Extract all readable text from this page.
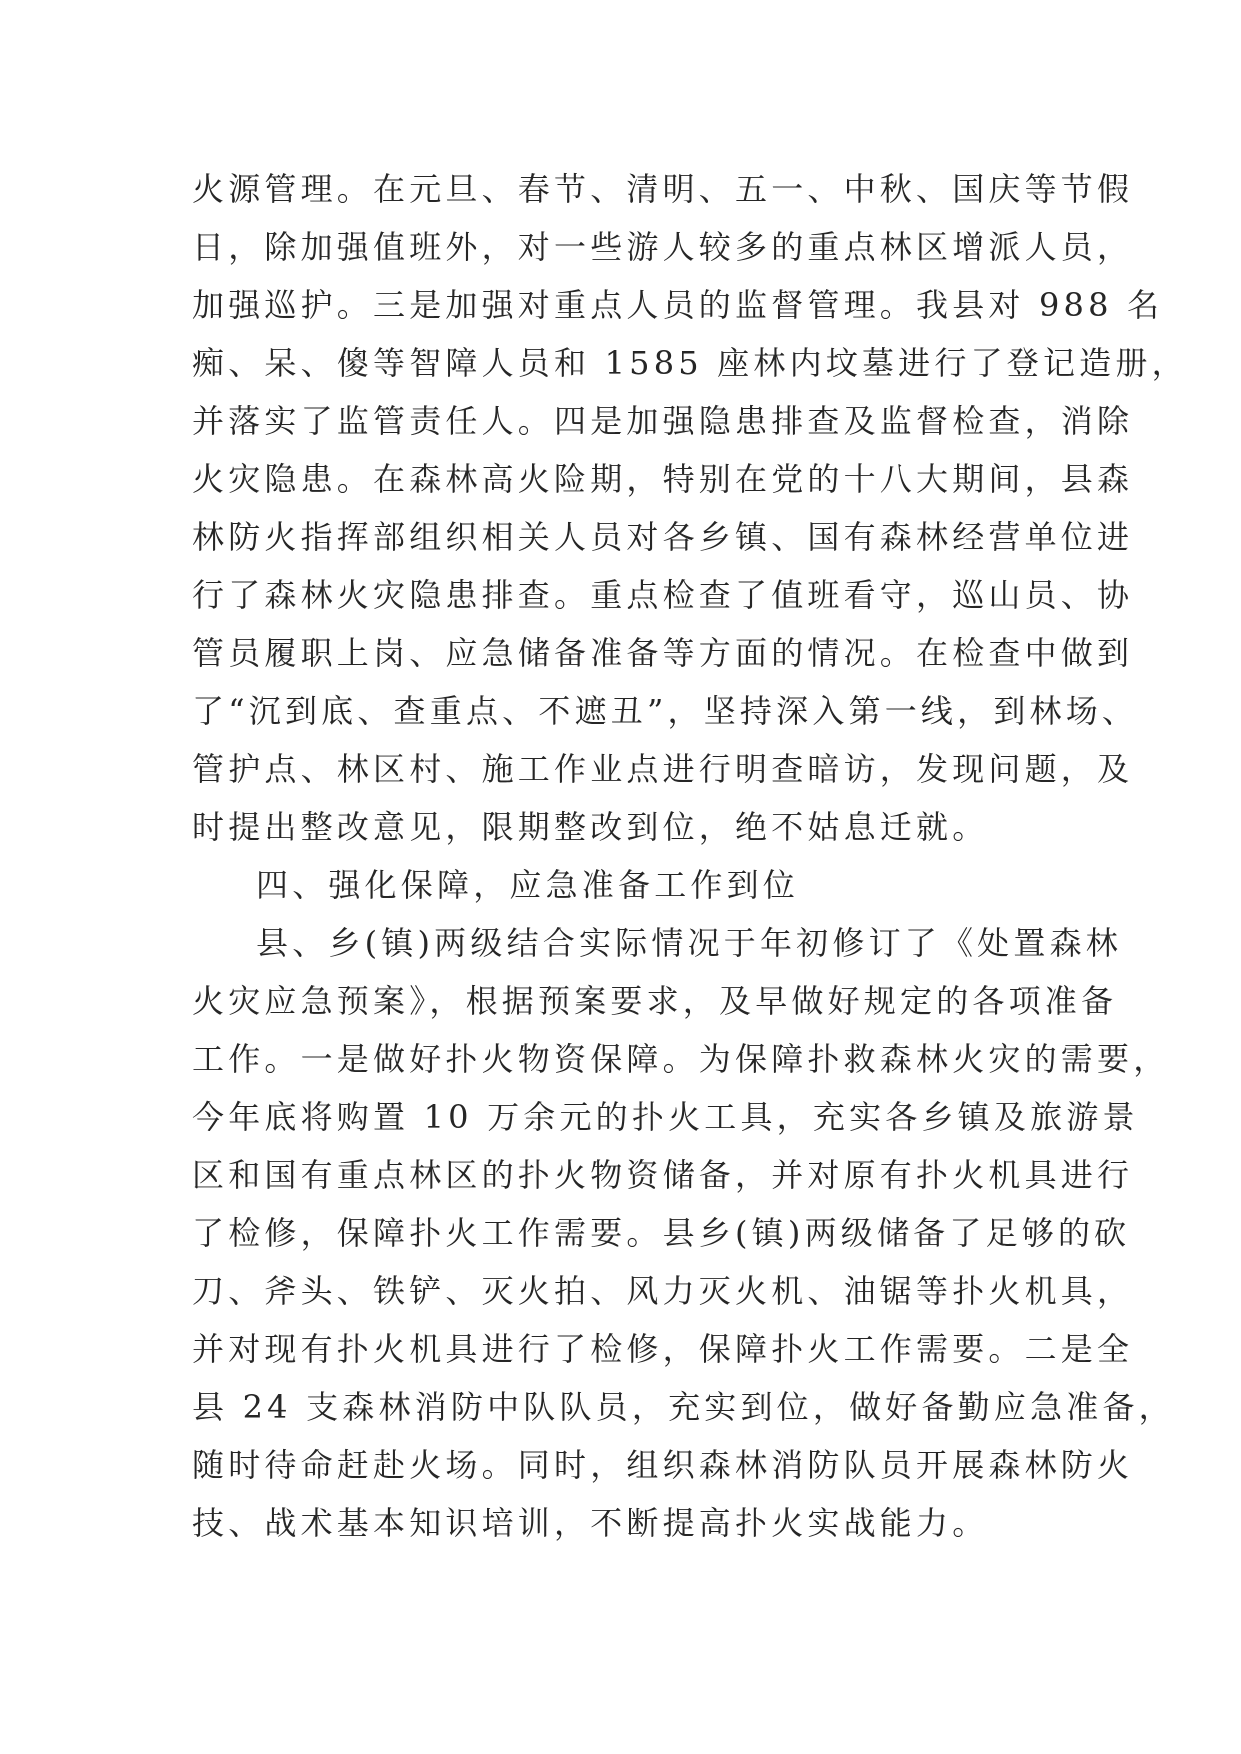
火源管理。在元旦、春节、清明、五一、中秋、国庆等节假
日，除加强值班外，对一些游人较多的重点林区增派人员，
加强巡护。三是加强对重点人员的监督管理。我县对 988 名
痴、呆、傻等智障人员和 1585 座林内坟墓进行了登记造册，
并落实了监管责任人。四是加强隐患排查及监督检查，消除
火灾隐患。在森林高火险期，特别在党的十八大期间，县森
林防火指挥部组织相关人员对各乡镇、国有森林经营单位进
行了森林火灾隐患排查。重点检查了值班看守，巡山员、协
管员履职上岗、应急储备准备等方面的情况。在检查中做到
了“沉到底、查重点、不遮丑”，坚持深入第一线，到林场、
管护点、林区村、施工作业点进行明查暗访，发现问题，及
时提出整改意见，限期整改到位，绝不姑息迁就。
四、强化保障，应急准备工作到位
县、乡(镇)两级结合实际情况于年初修订了《处置森林
火灾应急预案》，根据预案要求，及早做好规定的各项准备
工作。一是做好扑火物资保障。为保障扑救森林火灾的需要，
今年底将购置 10 万余元的扑火工具，充实各乡镇及旅游景
区和国有重点林区的扑火物资储备，并对原有扑火机具进行
了检修，保障扑火工作需要。县乡(镇)两级储备了足够的砍
刀、斧头、铁铲、灭火拍、风力灭火机、油锯等扑火机具，
并对现有扑火机具进行了检修，保障扑火工作需要。二是全
县 24 支森林消防中队队员，充实到位，做好备勤应急准备，
随时待命赶赴火场。同时，组织森林消防队员开展森林防火
技、战术基本知识培训，不断提高扑火实战能力。
